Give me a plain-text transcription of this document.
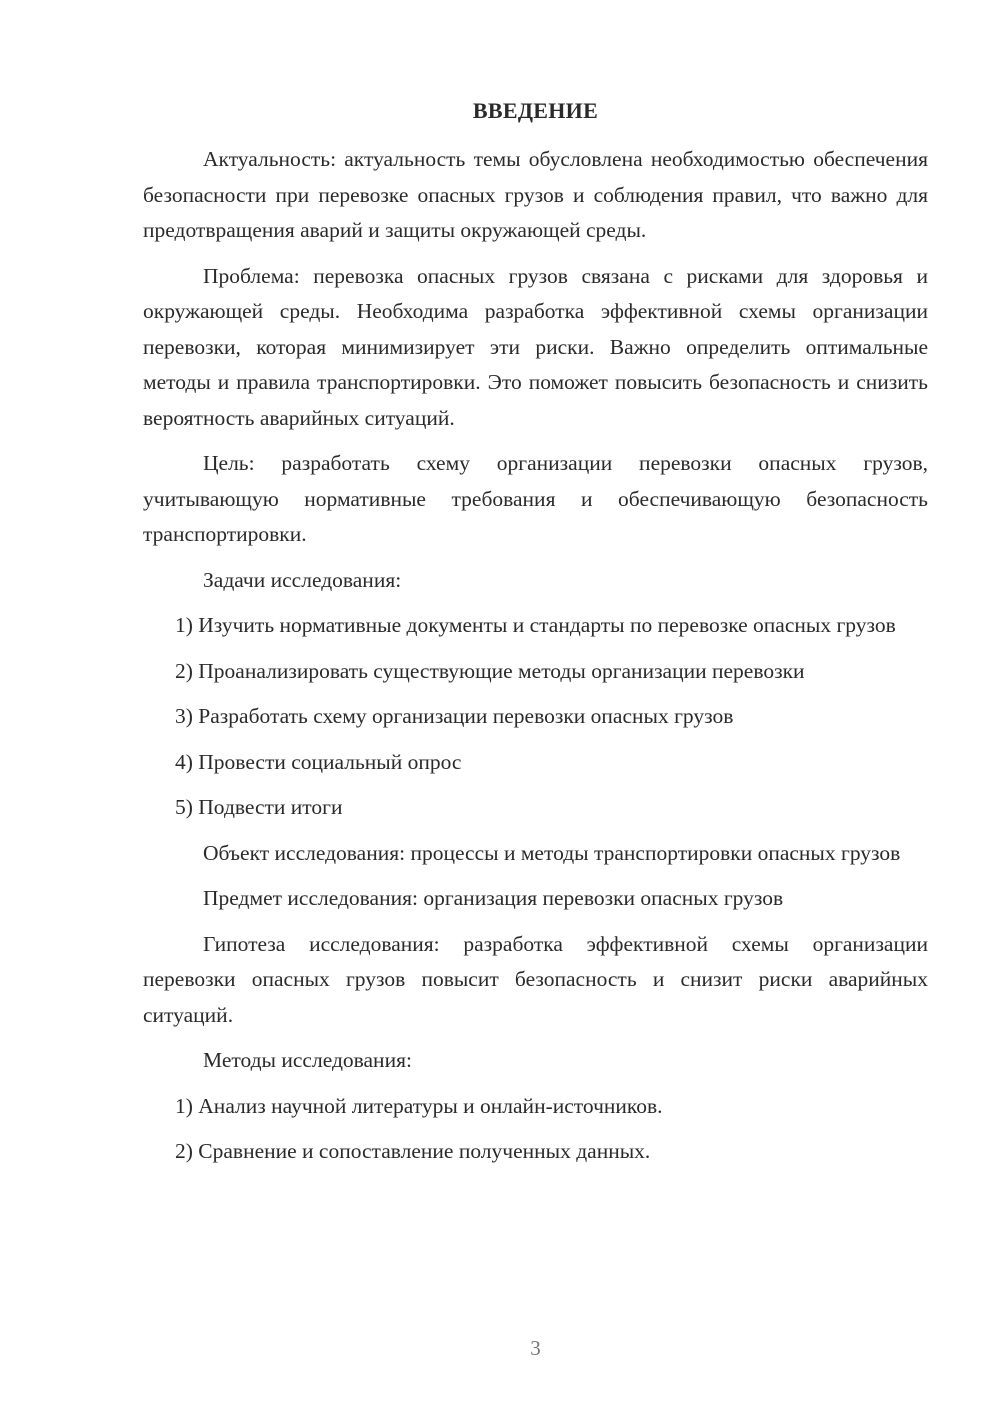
ВВЕДЕНИЕ

Актуальность: актуальность темы обусловлена необходимостью обеспечения безопасности при перевозке опасных грузов и соблюдения правил, что важно для предотвращения аварий и защиты окружающей среды.

Проблема: перевозка опасных грузов связана с рисками для здоровья и окружающей среды. Необходима разработка эффективной схемы организации перевозки, которая минимизирует эти риски. Важно определить оптимальные методы и правила транспортировки. Это поможет повысить безопасность и снизить вероятность аварийных ситуаций.

Цель: разработать схему организации перевозки опасных грузов, учитывающую нормативные требования и обеспечивающую безопасность транспортировки.

Задачи исследования:

1) Изучить нормативные документы и стандарты по перевозке опасных грузов

2) Проанализировать существующие методы организации перевозки

3) Разработать схему организации перевозки опасных грузов

4) Провести социальный опрос

5) Подвести итоги

Объект исследования: процессы и методы транспортировки опасных грузов

Предмет исследования: организация перевозки опасных грузов

Гипотеза исследования: разработка эффективной схемы организации перевозки опасных грузов повысит безопасность и снизит риски аварийных ситуаций.

Методы исследования:

1) Анализ научной литературы и онлайн-источников.

2) Сравнение и сопоставление полученных данных.

3
